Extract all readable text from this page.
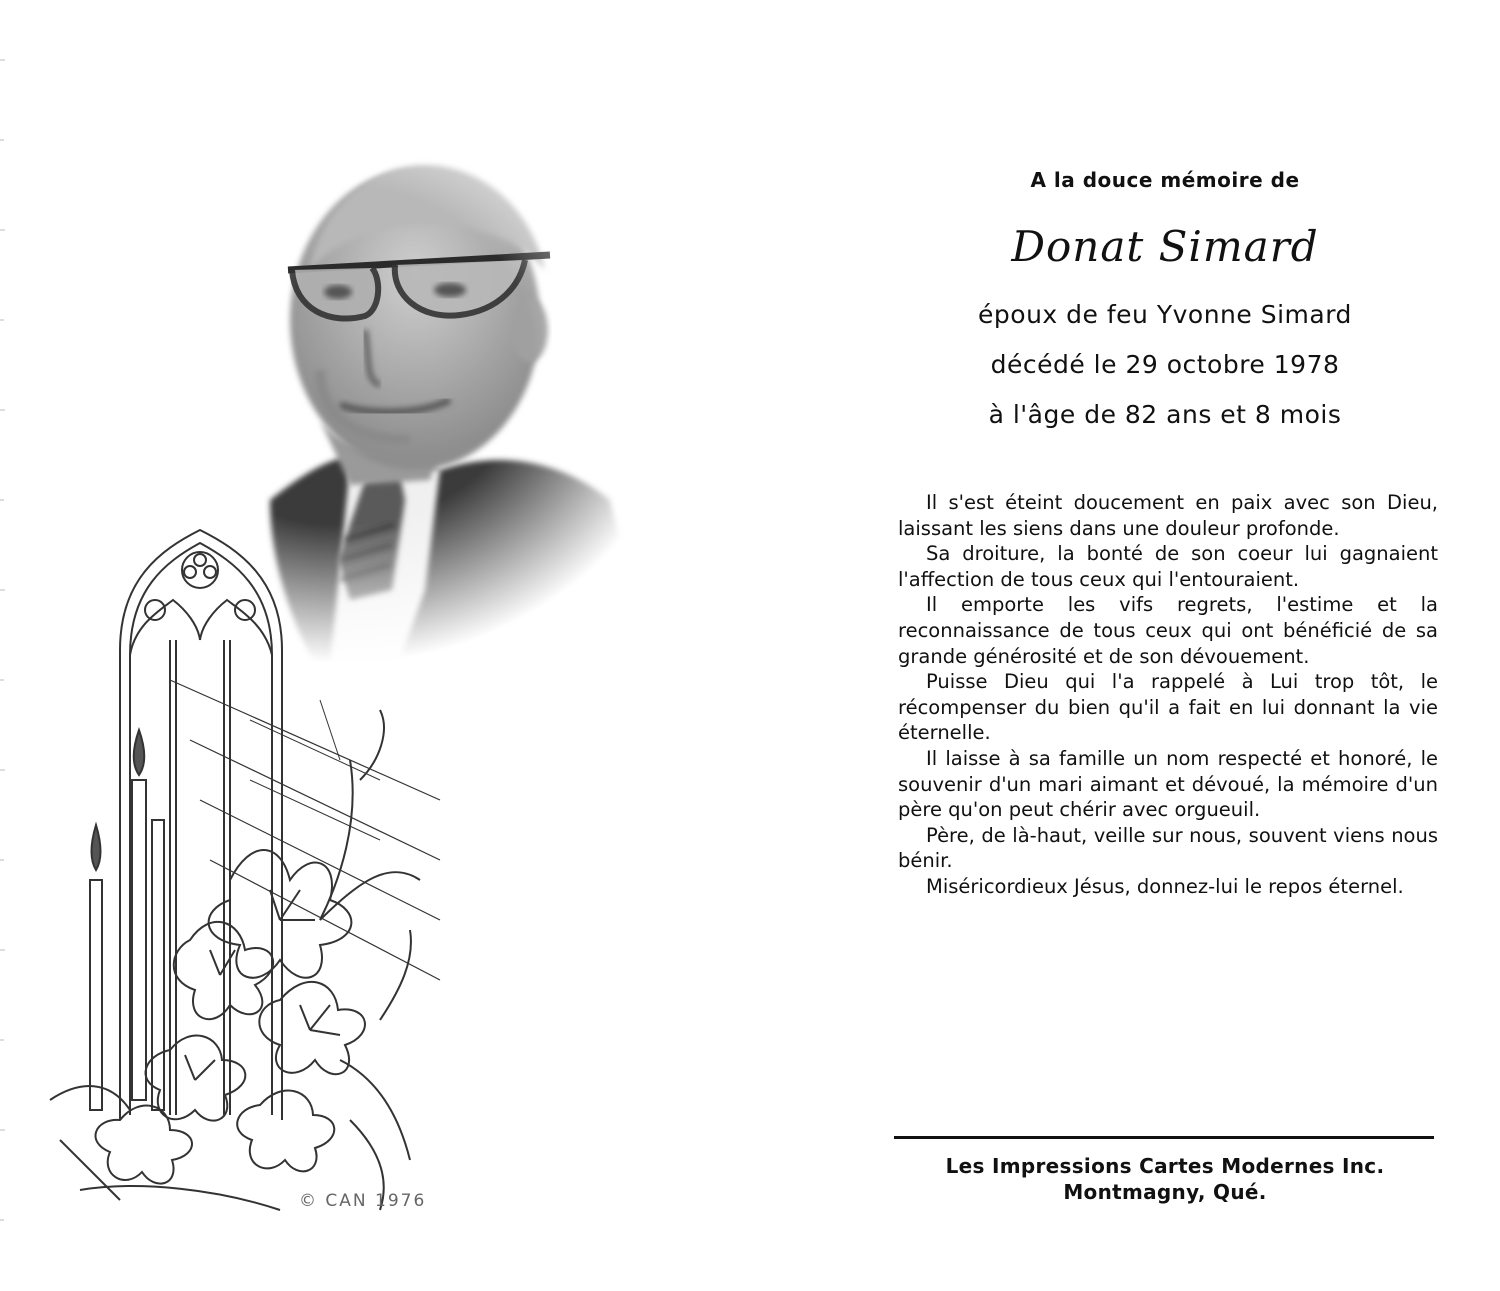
© CAN 1976
A la douce mémoire de
Donat Simard
époux de feu Yvonne Simard
décédé le 29 octobre 1978
à l'âge de 82 ans et 8 mois

Il s'est éteint doucement en paix avec son Dieu, laissant les siens dans une douleur profonde.

Sa droiture, la bonté de son coeur lui gagnaient l'affection de tous ceux qui l'entouraient.

Il emporte les vifs regrets, l'estime et la reconnaissance de tous ceux qui ont bénéficié de sa grande générosité et de son dévouement.

Puisse Dieu qui l'a rappelé à Lui trop tôt, le récompenser du bien qu'il a fait en lui donnant la vie éternelle.

Il laisse à sa famille un nom respecté et honoré, le souvenir d'un mari aimant et dévoué, la mémoire d'un père qu'on peut chérir avec orgueuil.

Père, de là-haut, veille sur nous, souvent viens nous bénir.

Miséricordieux Jésus, donnez-lui le repos éternel.

Les Impressions Cartes Modernes Inc.
Montmagny, Qué.
